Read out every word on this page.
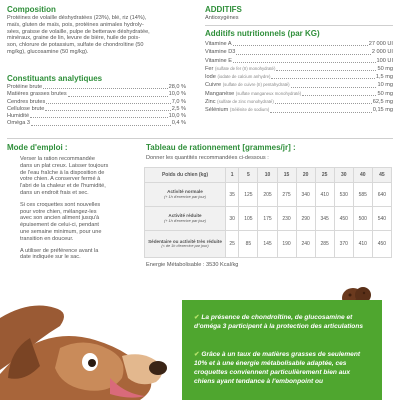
Composition
Protéines de volaille déshydratées (23%), blé, riz (14%),
maïs, gluten de maïs, pois, protéines animales hydroly-
sées, graisse de volaille, pulpe de betterave déshydratée,
minéraux, graine de lin, levure de bière, huile de pois-
son, chlorure de potassium, sulfate de chondroïtine (50
mg/kg), glucosamine (50 mg/kg).
Constituants analytiques
Protéine brute	28,0 %
Matières grasses brutes	10,0 %
Cendres brutes	7,0 %
Cellulose brute	2,5 %
Humidité	10,0 %
Oméga 3	0,4 %
ADDITIFS
Antioxygènes
Additifs nutritionnels (par KG)
Vitamine A	27 000 UI
Vitamine D3	2 000 UI
Vitamine E	100 UI
Fer (sulfate de fer (II) monohydraté)	50 mg
Iode (iodate de calcium anhydre)	1,5 mg
Cuivre (sulfate de cuivre (II) pentahydraté)	10 mg
Manganèse (sulfate manganeux monohydraté)	50 mg
Zinc (sulfate de zinc monohydraté)	62,5 mg
Sélénium (Sélénite de sodium)	0,15 mg
Mode d'emploi :
Verser la ration recommandée
dans un plat creux. Laisser toujours
de l'eau fraîche à la disposition de
votre chien. A conserver fermé à
l'abri de la chaleur et de l'humidité,
dans un endroit frais et sec.
Si ces croquettes sont nouvelles
pour votre chien, mélangez-les
avec son ancien aliment jusqu'à
épuisement de celui-ci, pendant
une semaine minimum, pour une
transition en douceur.
A utiliser de préférence avant la
date indiquée sur le sac.
Tableau de rationnement [grammes/jr] :
Donner les quantités recommandées ci-dessous :
Poids du chien (kg)	1	5	10	15	20	25	30	40	45

Activité normale
(+ 1h d'exercice par jour)	35	125	205	275	340	410	530	585	640

Activité réduite
(+ 1h d'exercice par jour)	30	105	175	230	290	345	450	500	540

Sédentaire ou activité très réduite
(< de 1h d'exercice par jour)	25	85	145	190	240	285	370	410	450
Energie Métabolisable : 3530 Kcal/kg
✔ La présence de chondroïtine, de glucosamine et d'oméga 3 participent à la protection des articulations
✔ Grâce à un taux de matières grasses de seulement 10% et à une énergie métabolisable adaptée, ces croquettes conviennent particulièrement bien aux chiens ayant tendance à l'embonpoint ou
